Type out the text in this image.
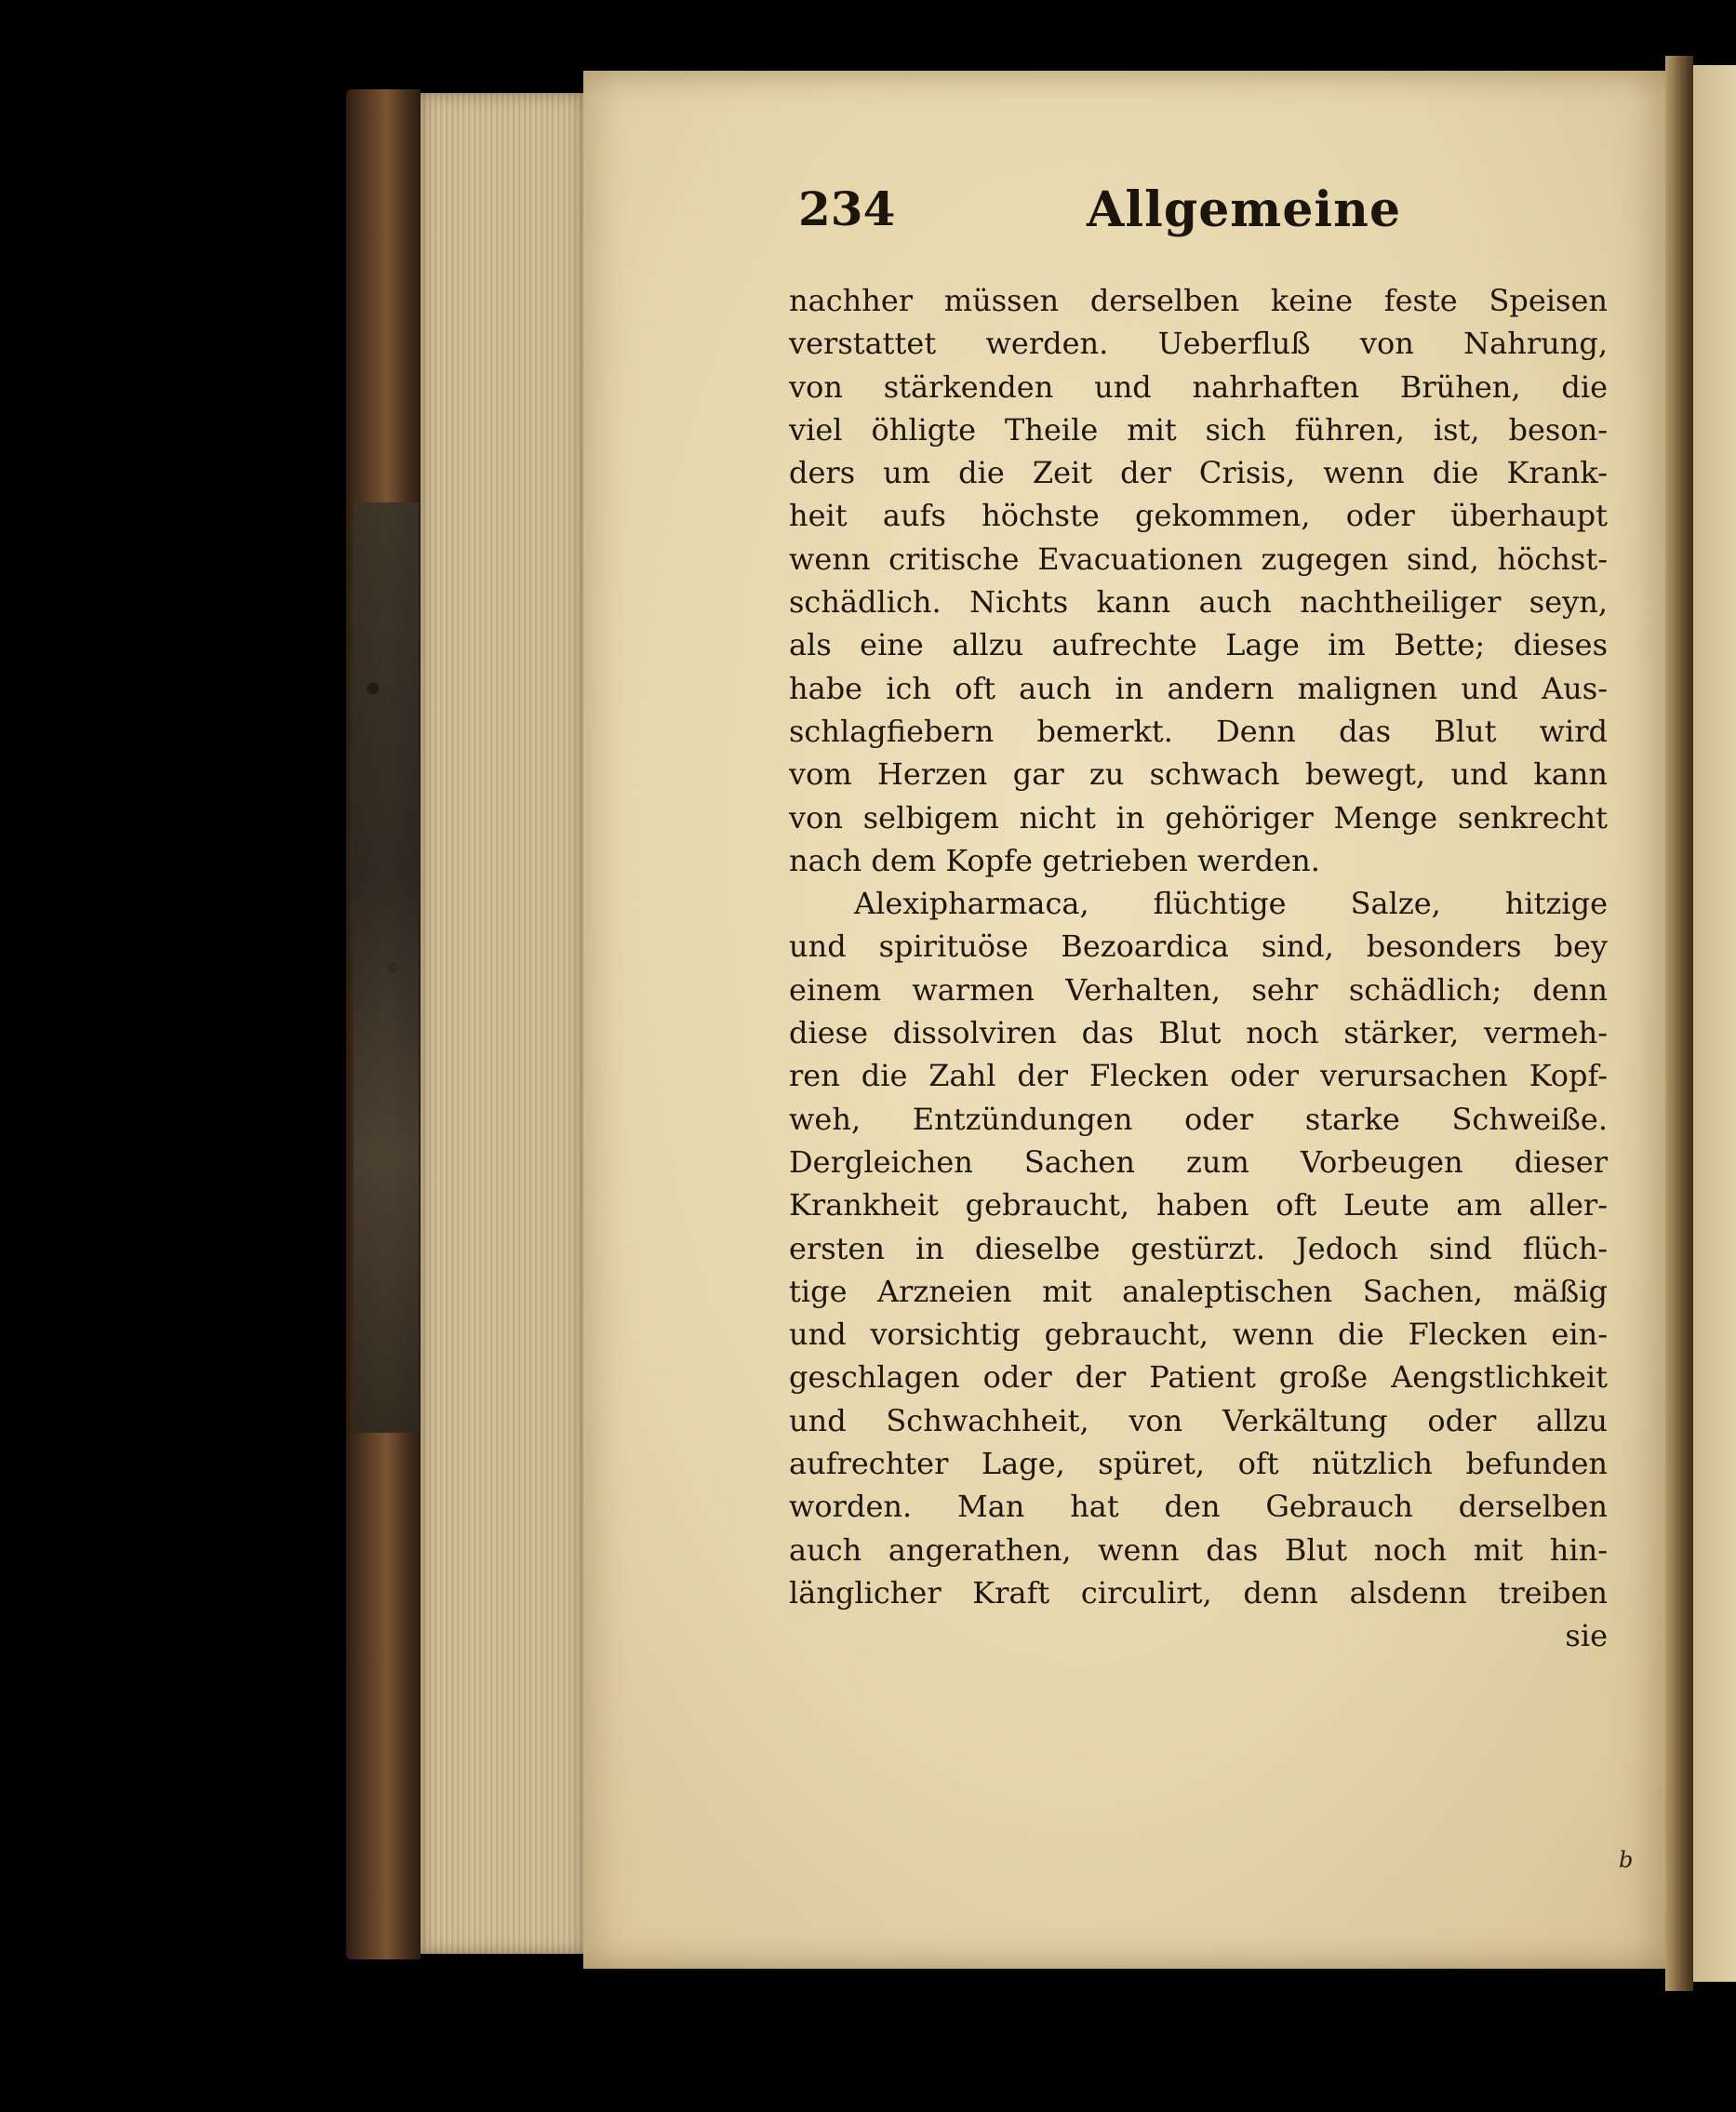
234	Allgemeine
nachher müssen derselben keine feste Speisen
verstattet werden. Ueberfluß von Nahrung,
von stärkenden und nahrhaften Brühen, die
viel öhligte Theile mit sich führen, ist, beson-
ders um die Zeit der Crisis, wenn die Krank-
heit aufs höchste gekommen, oder überhaupt
wenn critische Evacuationen zugegen sind, höchst-
schädlich. Nichts kann auch nachtheiliger seyn,
als eine allzu aufrechte Lage im Bette; dieses
habe ich oft auch in andern malignen und Aus-
schlagfiebern bemerkt. Denn das Blut wird
vom Herzen gar zu schwach bewegt, und kann
von selbigem nicht in gehöriger Menge senkrecht
nach dem Kopfe getrieben werden.
Alexipharmaca, flüchtige Salze, hitzige
und spirituöse Bezoardica sind, besonders bey
einem warmen Verhalten, sehr schädlich; denn
diese dissolviren das Blut noch stärker, vermeh-
ren die Zahl der Flecken oder verursachen Kopf-
weh, Entzündungen oder starke Schweiße.
Dergleichen Sachen zum Vorbeugen dieser
Krankheit gebraucht, haben oft Leute am aller-
ersten in dieselbe gestürzt. Jedoch sind flüch-
tige Arzneien mit analeptischen Sachen, mäßig
und vorsichtig gebraucht, wenn die Flecken ein-
geschlagen oder der Patient große Aengstlichkeit
und Schwachheit, von Verkältung oder allzu
aufrechter Lage, spüret, oft nützlich befunden
worden. Man hat den Gebrauch derselben
auch angerathen, wenn das Blut noch mit hin-
länglicher Kraft circulirt, denn alsdenn treiben
sie
b
